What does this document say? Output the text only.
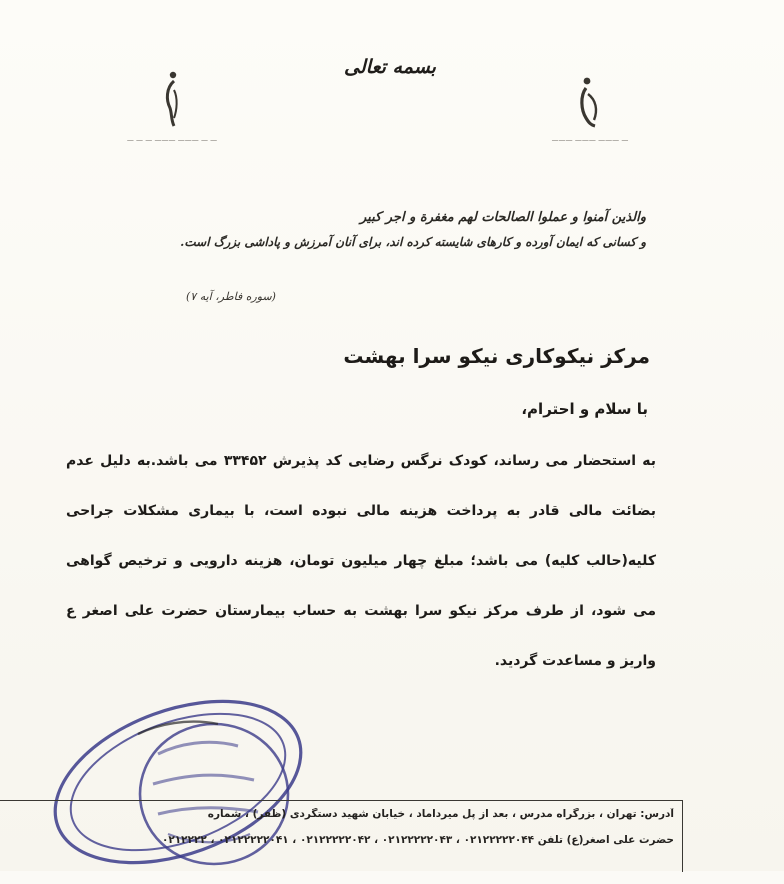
— — — ——— ——— — —
بسمه تعالی
——— ——— ——— —
والذین آمنوا و عملوا الصالحات لهم مغفرة و اجر کبیر
و کسانی که ایمان آورده و کارهای شایسته کرده اند، برای آنان آمرزش و پاداشی بزرگ است.
(سوره فاطر، آیه ۷)
مرکز نیکوکاری نیکو سرا بهشت
با سلام و احترام،
به استحضار می رساند، کودک نرگس رضایی کد پذیرش ۳۳۴۵۲ می باشد.به دلیل عدم بضائت مالی قادر به پرداخت هزینه مالی نبوده است، با بیماری مشکلات جراحی کلیه(حالب کلیه) می باشد؛ مبلغ چهار میلیون تومان، هزینه دارویی و ترخیص گواهی می شود، از طرف مرکز نیکو سرا بهشت به حساب بیمارستان حضرت علی اصغر ع واریز و مساعدت گردید.
آدرس: تهران ، بزرگراه مدرس ، بعد از پل میرداماد ، خیابان شهید دستگردی (ظفر) ، شماره
حضرت علی اصغر(ع) تلفن ۰۲۱۲۲۲۲۲۰۴۴ ، ۰۲۱۲۲۲۲۲۰۴۳ ، ۰۲۱۲۲۲۲۲۰۴۲ ، ۰۲۱۲۲۲۲۲۰۴۱ ، ۰۲۱۲۲۲۲
